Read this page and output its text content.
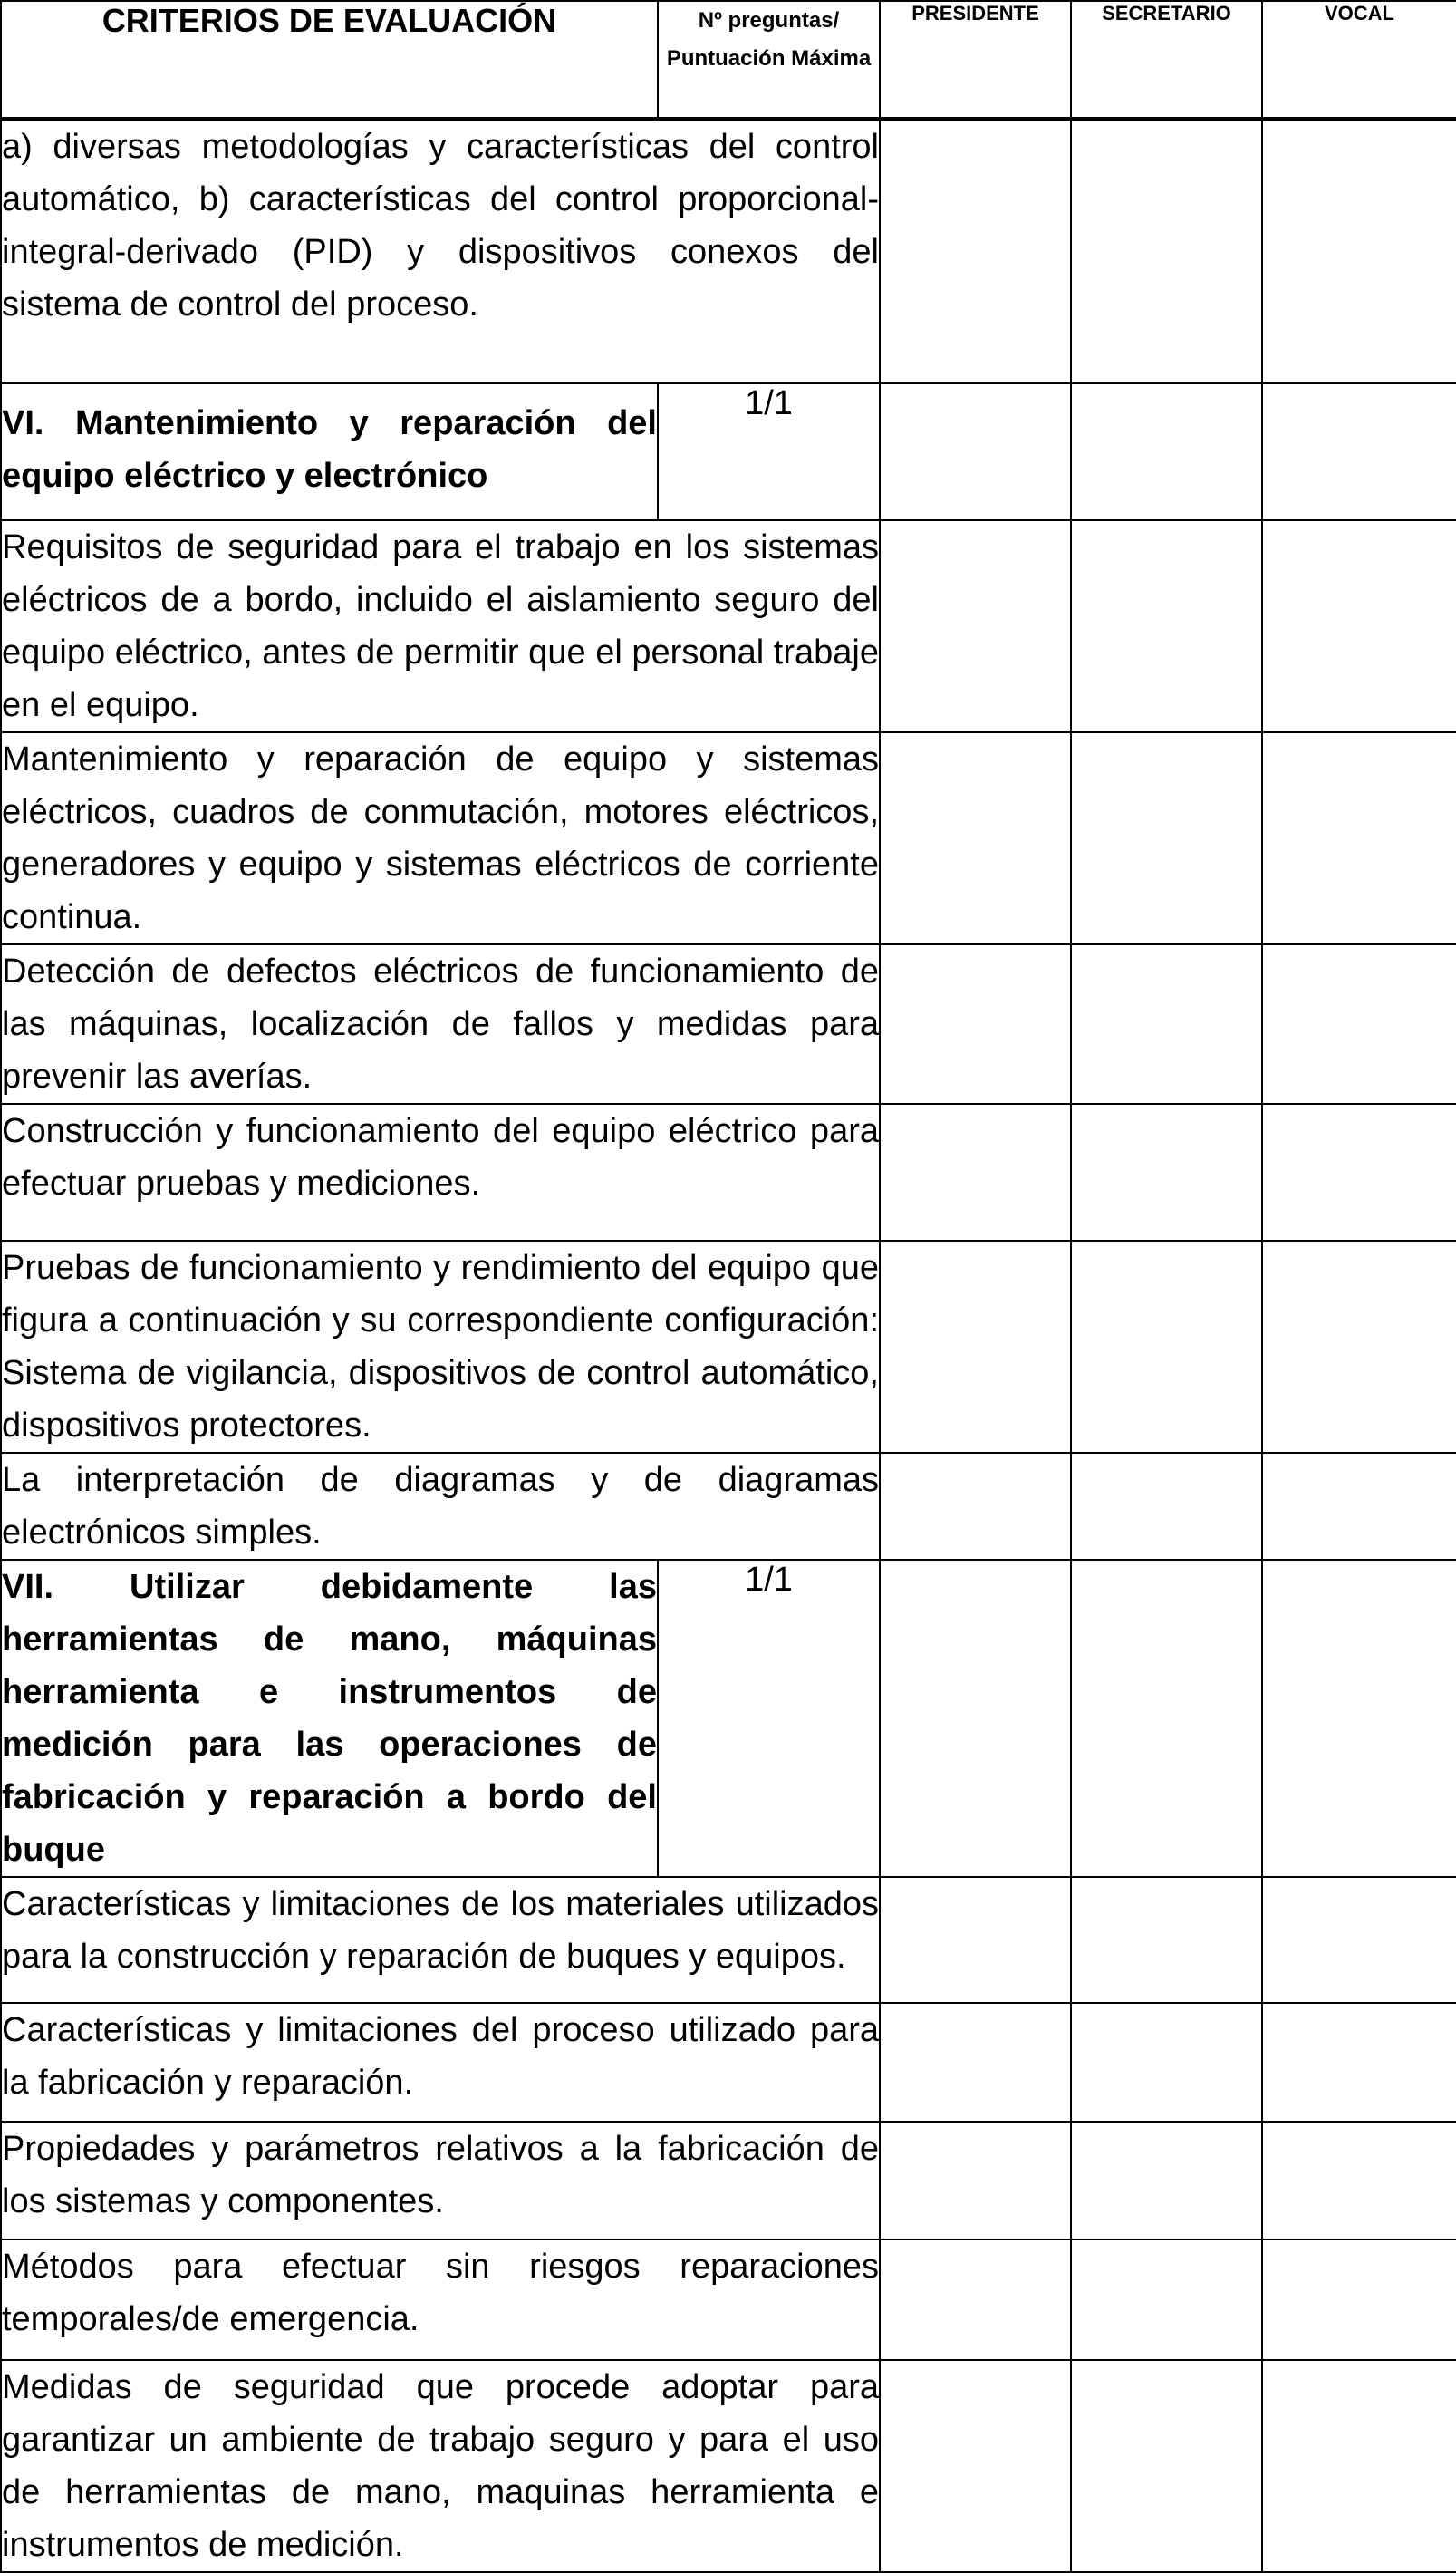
CRITERIOS DE EVALUACIÓN	Nº preguntas/ Puntuación Máxima	PRESIDENTE	SECRETARIO	VOCAL

a) diversas metodologías y características del control automático, b) características del control proporcional-integral-derivado (PID) y dispositivos conexos del sistema de control del proceso.				

VI. Mantenimiento y reparación del equipo eléctrico y electrónico	1/1			

Requisitos de seguridad para el trabajo en los sistemas eléctricos de a bordo, incluido el aislamiento seguro del equipo eléctrico, antes de permitir que el personal trabaje en el equipo.				

Mantenimiento y reparación de equipo y sistemas eléctricos, cuadros de conmutación, motores eléctricos, generadores y equipo y sistemas eléctricos de corriente continua.				

Detección de defectos eléctricos de funcionamiento de las máquinas, localización de fallos y medidas para prevenir las averías.				

Construcción y funcionamiento del equipo eléctrico para efectuar pruebas y mediciones.				

Pruebas de funcionamiento y rendimiento del equipo que figura a continuación y su correspondiente configuración: Sistema de vigilancia, dispositivos de control automático, dispositivos protectores.				

La interpretación de diagramas y de diagramas electrónicos simples.				

VII. Utilizar debidamente las herramientas de mano, máquinas herramienta e instrumentos de medición para las operaciones de fabricación y reparación a bordo del buque	1/1			

Características y limitaciones de los materiales utilizados para la construcción y reparación de buques y equipos.				

Características y limitaciones del proceso utilizado para la fabricación y reparación.				

Propiedades y parámetros relativos a la fabricación de los sistemas y componentes.				

Métodos para efectuar sin riesgos reparaciones temporales/de emergencia.				

Medidas de seguridad que procede adoptar para garantizar un ambiente de trabajo seguro y para el uso de herramientas de mano, maquinas herramienta e instrumentos de medición.				
